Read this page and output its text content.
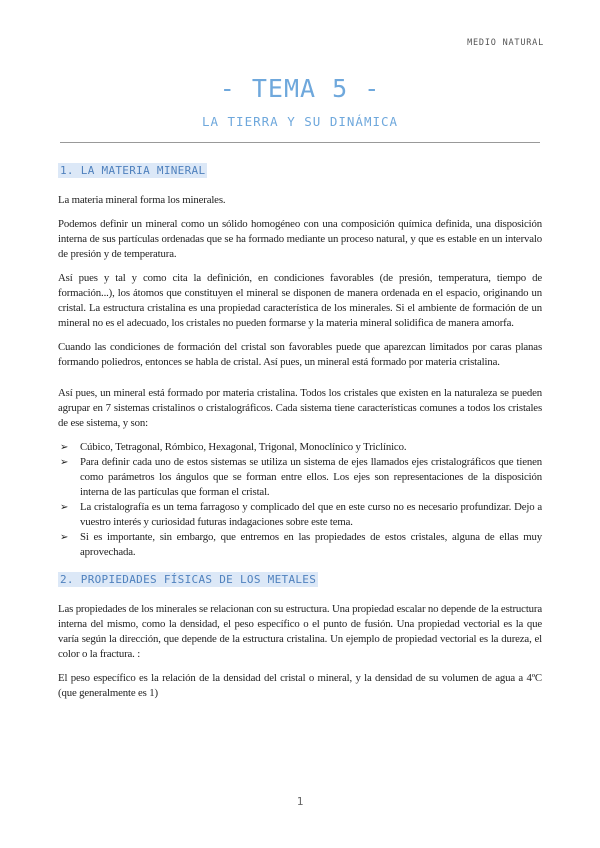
MEDIO NATURAL
- TEMA 5 -
LA TIERRA Y SU DINÁMICA
1. LA MATERIA MINERAL

La materia mineral forma los minerales.

Podemos definir un mineral como un sólido homogéneo con una composición química definida, una disposición interna de sus partículas ordenadas que se ha formado mediante un proceso natural, y que es estable en un intervalo de presión y de temperatura.

Así pues y tal y como cita la definición, en condiciones favorables (de presión, temperatura, tiempo de formación...), los átomos que constituyen el mineral se disponen de manera ordenada en el espacio, originando un cristal. La estructura cristalina es una propiedad característica de los minerales. Si el ambiente de formación de un mineral no es el adecuado, los cristales no pueden formarse y la materia mineral solidifica de manera amorfa.

Cuando las condiciones de formación del cristal son favorables puede que aparezcan limitados por caras planas formando poliedros, entonces se habla de cristal. Así pues, un mineral está formado por materia cristalina.

Así pues, un mineral está formado por materia cristalina. Todos los cristales que existen en la naturaleza se pueden agrupar en 7 sistemas cristalinos o cristalográficos. Cada sistema tiene características comunes a todos los cristales de ese sistema, y son:

➢ Cúbico, Tetragonal, Rómbico, Hexagonal, Trigonal, Monoclínico y Triclínico.
➢ Para definir cada uno de estos sistemas se utiliza un sistema de ejes llamados ejes cristalográficos que tienen como parámetros los ángulos que se forman entre ellos. Los ejes son representaciones de la disposición interna de las partículas que forman el cristal.
➢ La cristalografía es un tema farragoso y complicado del que en este curso no es necesario profundizar. Dejo a vuestro interés y curiosidad futuras indagaciones sobre este tema.
➢ Si es importante, sin embargo, que entremos en las propiedades de estos cristales, alguna de ellas muy aprovechada.
2. PROPIEDADES FÍSICAS DE LOS METALES

Las propiedades de los minerales se relacionan con su estructura. Una propiedad escalar no depende de la estructura interna del mismo, como la densidad, el peso específico o el punto de fusión. Una propiedad vectorial es la que varía según la dirección, que depende de la estructura cristalina. Un ejemplo de propiedad vectorial es la dureza, el color o la fractura. :

El peso específico es la relación de la densidad del cristal o mineral, y la densidad de su volumen de agua a 4ºC (que generalmente es 1)

1
